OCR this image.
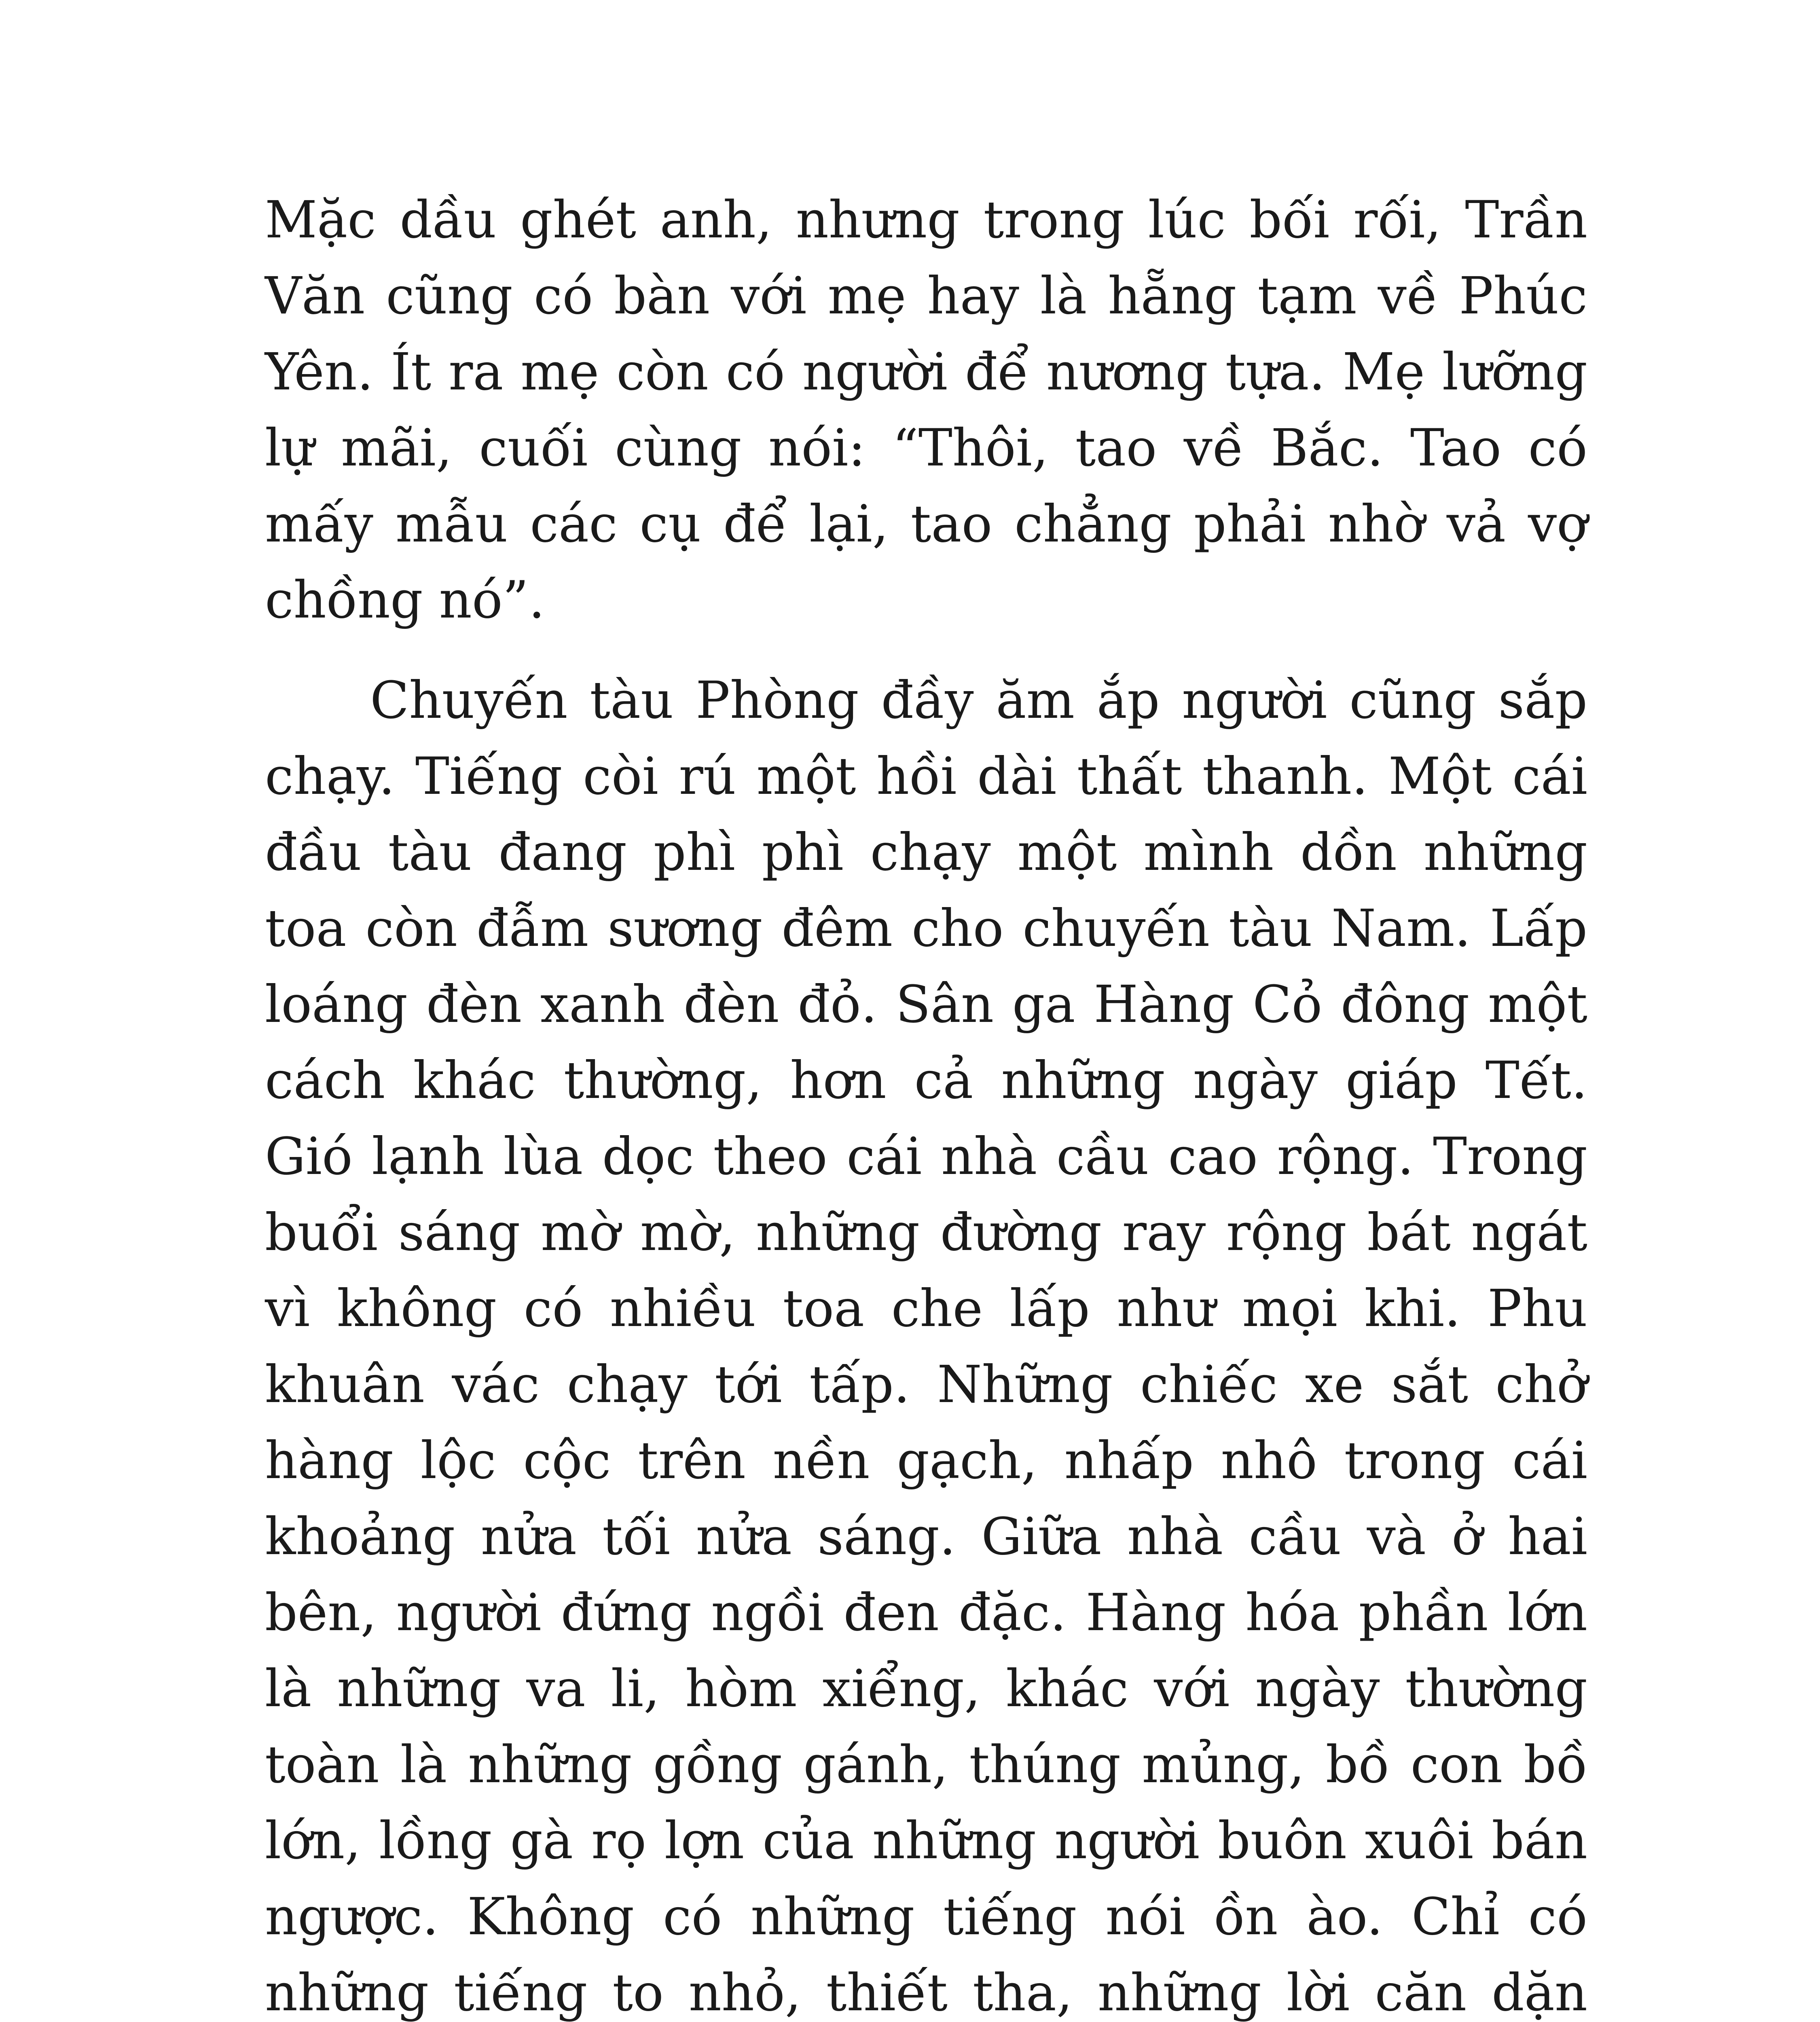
Mặc dầu ghét anh, nhưng trong lúc bối rối, Trần Văn cũng có bàn với mẹ hay là hẵng tạm về Phúc Yên. Ít ra mẹ còn có người để nương tựa. Mẹ lưỡng lự mãi, cuối cùng nói: “Thôi, tao về Bắc. Tao có mấy mẫu các cụ để lại, tao chẳng phải nhờ vả vợ chồng nó”.

Chuyến tàu Phòng đầy ăm ắp người cũng sắp chạy. Tiếng còi rú một hồi dài thất thanh. Một cái đầu tàu đang phì phì chạy một mình dồn những toa còn đẫm sương đêm cho chuyến tàu Nam. Lấp loáng đèn xanh đèn đỏ. Sân ga Hàng Cỏ đông một cách khác thường, hơn cả những ngày giáp Tết. Gió lạnh lùa dọc theo cái nhà cầu cao rộng. Trong buổi sáng mờ mờ, những đường ray rộng bát ngát vì không có nhiều toa che lấp như mọi khi. Phu khuân vác chạy tới tấp. Những chiếc xe sắt chở hàng lộc cộc trên nền gạch, nhấp nhô trong cái khoảng nửa tối nửa sáng. Giữa nhà cầu và ở hai bên, người đứng ngồi đen đặc. Hàng hóa phần lớn là những va li, hòm xiểng, khác với ngày thường toàn là những gồng gánh, thúng mủng, bồ con bồ lớn, lồng gà rọ lợn của những người buôn xuôi bán ngược. Không có những tiếng nói ồn ào. Chỉ có những tiếng to nhỏ, thiết tha, những lời căn dặn
